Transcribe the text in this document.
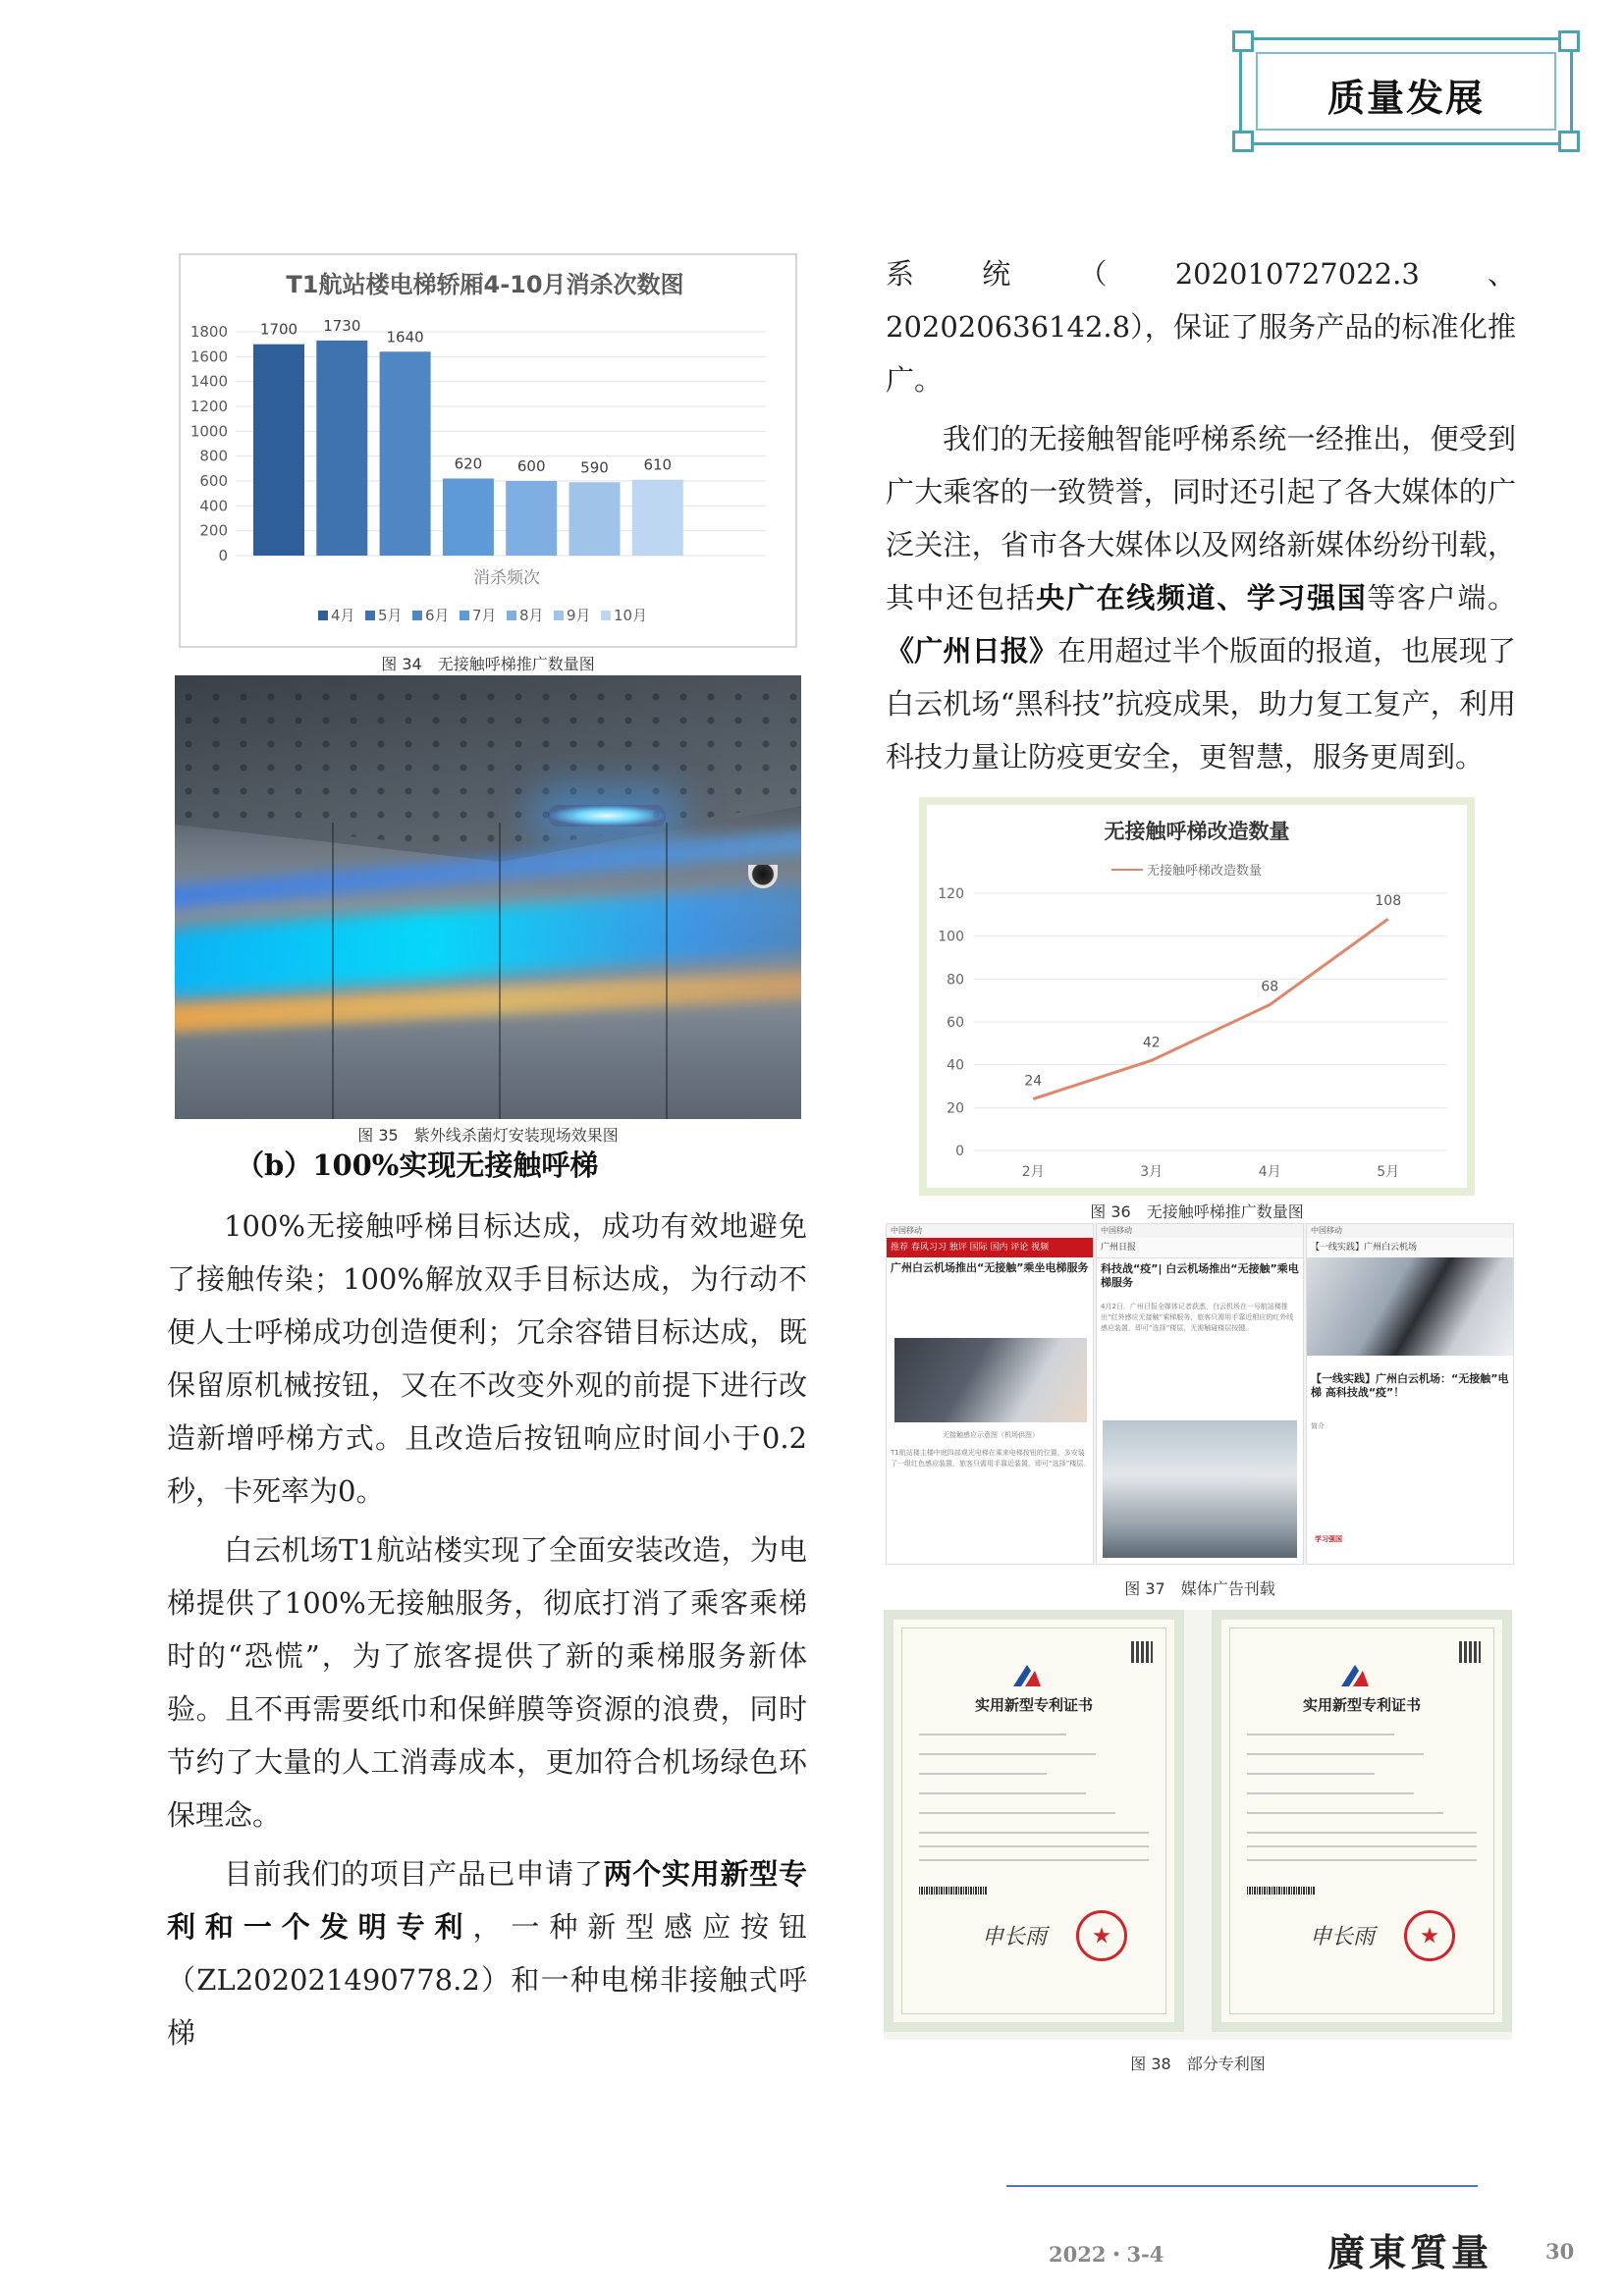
质量发展
T1航站楼电梯轿厢4-10月消杀次数图
0
200
400
600
800
1000
1200
1400
1600
1800 1700 1730
1640
620 600 590 610
消杀频次
4月 5月 6月 7月 8月 9月 10月
图 34　无接触呼梯推广数量图
图 35　紫外线杀菌灯安装现场效果图
（b）100%实现无接触呼梯

100%无接触呼梯目标达成，成功有效地避免了接触传染；100%解放双手目标达成，为行动不便人士呼梯成功创造便利；冗余容错目标达成，既保留原机械按钮，又在不改变外观的前提下进行改造新增呼梯方式。且改造后按钮响应时间小于0.2秒，卡死率为0。

白云机场T1航站楼实现了全面安装改造，为电梯提供了100%无接触服务，彻底打消了乘客乘梯时的“恐慌”，为了旅客提供了新的乘梯服务新体验。且不再需要纸巾和保鲜膜等资源的浪费，同时节约了大量的人工消毒成本，更加符合机场绿色环保理念。

目前我们的项目产品已申请了两个实用新型专利和一个发明专利，一种新型感应按钮（ZL202021490778.2）和一种电梯非接触式呼梯

系统（202010727022.3、202020636142.8），保证了服务产品的标准化推广。

我们的无接触智能呼梯系统一经推出，便受到广大乘客的一致赞誉，同时还引起了各大媒体的广泛关注，省市各大媒体以及网络新媒体纷纷刊载，其中还包括央广在线频道、学习强国等客户端。《广州日报》在用超过半个版面的报道，也展现了白云机场“黑科技”抗疫成果，助力复工复产，利用科技力量让防疫更安全，更智慧，服务更周到。

无接触呼梯改造数量
无接触呼梯改造数量
0
20
40
60
80
100
120
2月	3月	4月	5月
24
42
68
108
图 36　无接触呼梯推广数量图
中国移动
推荐 春风习习 独评 国际 国内 评论 视频
广州白云机场推出“无接触”乘坐电梯服务
无接触感应示意图（机场供图）
T1航站楼主楼中庭四部观光电梯在乘来电梯按钮的位置，多安装了一组红色感应装置，旅客只需用手靠近装置，即可“选择”楼层。
中国移动
广州日报
科技战“疫”| 白云机场推出“无接触”乘电梯服务
4月2日，广州日报全媒体记者获悉，白云机场在一号航站楼推出“红外感应无接触”乘梯服务，旅客只需用手靠近相应的红外线感应装置，即可“选择”楼层，无需触碰楼层按键。
中国移动
【一线实践】广州白云机场
【一线实践】广州白云机场：“无接触”电梯 高科技战“疫”！
简介
学习强国
图 37　媒体广告刊载
实用新型专利证书
申长雨
实用新型专利证书
申长雨
图 38　部分专利图
2022・3-4	廣東質量	30
